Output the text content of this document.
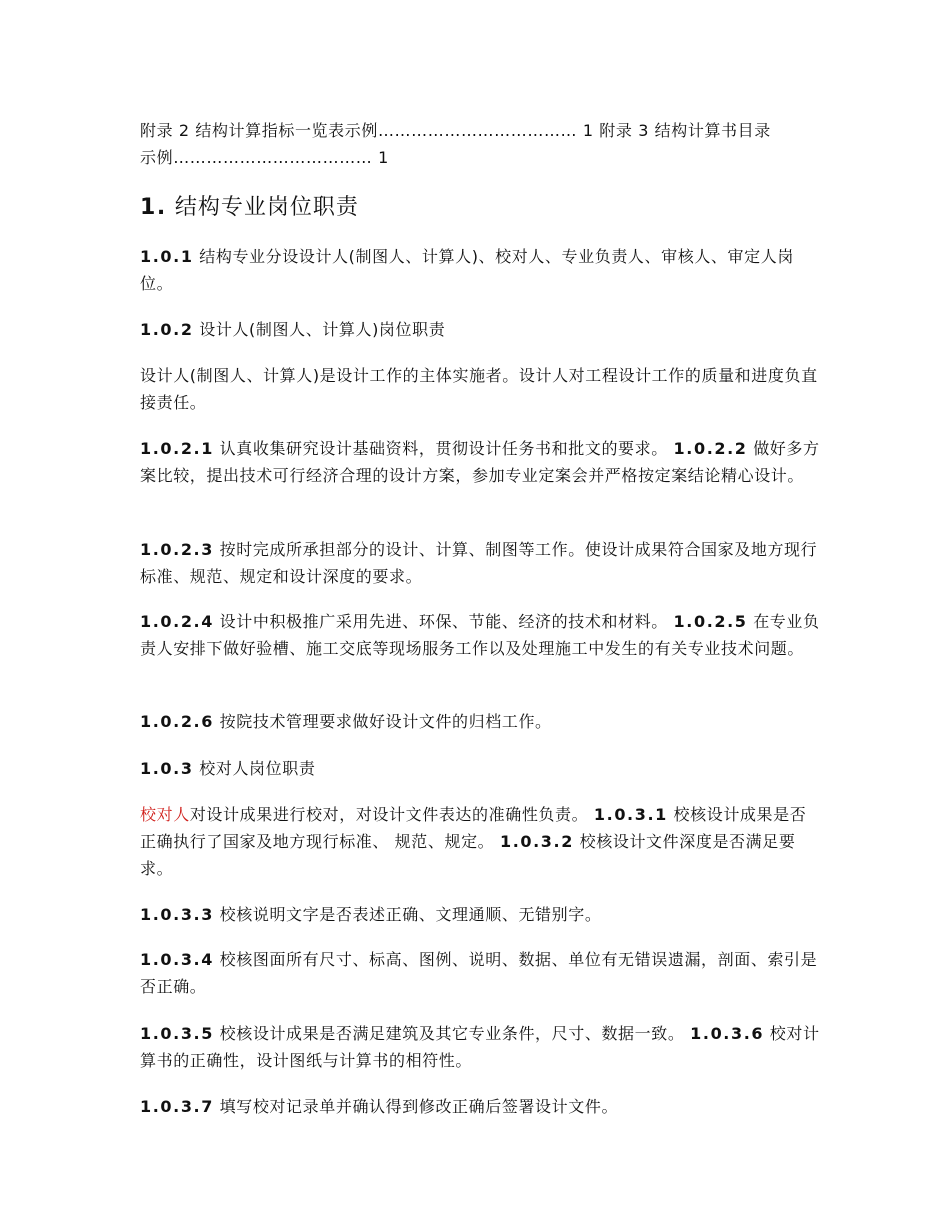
附录 2 结构计算指标一览表示例……………………………… 1 附录 3 结构计算书目录
示例……………………………… 1

1. 结构专业岗位职责

1.0.1 结构专业分设设计人(制图人、计算人)、校对人、专业负责人、审核人、审定人岗位。

1.0.2 设计人(制图人、计算人)岗位职责

设计人(制图人、计算人)是设计工作的主体实施者。设计人对工程设计工作的质量和进度负直接责任。

1.0.2.1 认真收集研究设计基础资料，贯彻设计任务书和批文的要求。 1.0.2.2 做好多方案比较，提出技术可行经济合理的设计方案，参加专业定案会并严格按定案结论精心设计。

1.0.2.3 按时完成所承担部分的设计、计算、制图等工作。使设计成果符合国家及地方现行标准、规范、规定和设计深度的要求。

1.0.2.4 设计中积极推广采用先进、环保、节能、经济的技术和材料。 1.0.2.5 在专业负责人安排下做好验槽、施工交底等现场服务工作以及处理施工中发生的有关专业技术问题。

1.0.2.6 按院技术管理要求做好设计文件的归档工作。

1.0.3 校对人岗位职责

校对人对设计成果进行校对，对设计文件表达的准确性负责。 1.0.3.1 校核设计成果是否正确执行了国家及地方现行标准、 规范、规定。 1.0.3.2 校核设计文件深度是否满足要求。

1.0.3.3 校核说明文字是否表述正确、文理通顺、无错别字。

1.0.3.4 校核图面所有尺寸、标高、图例、说明、数据、单位有无错误遗漏，剖面、索引是否正确。

1.0.3.5 校核设计成果是否满足建筑及其它专业条件，尺寸、数据一致。 1.0.3.6 校对计算书的正确性，设计图纸与计算书的相符性。

1.0.3.7 填写校对记录单并确认得到修改正确后签署设计文件。
